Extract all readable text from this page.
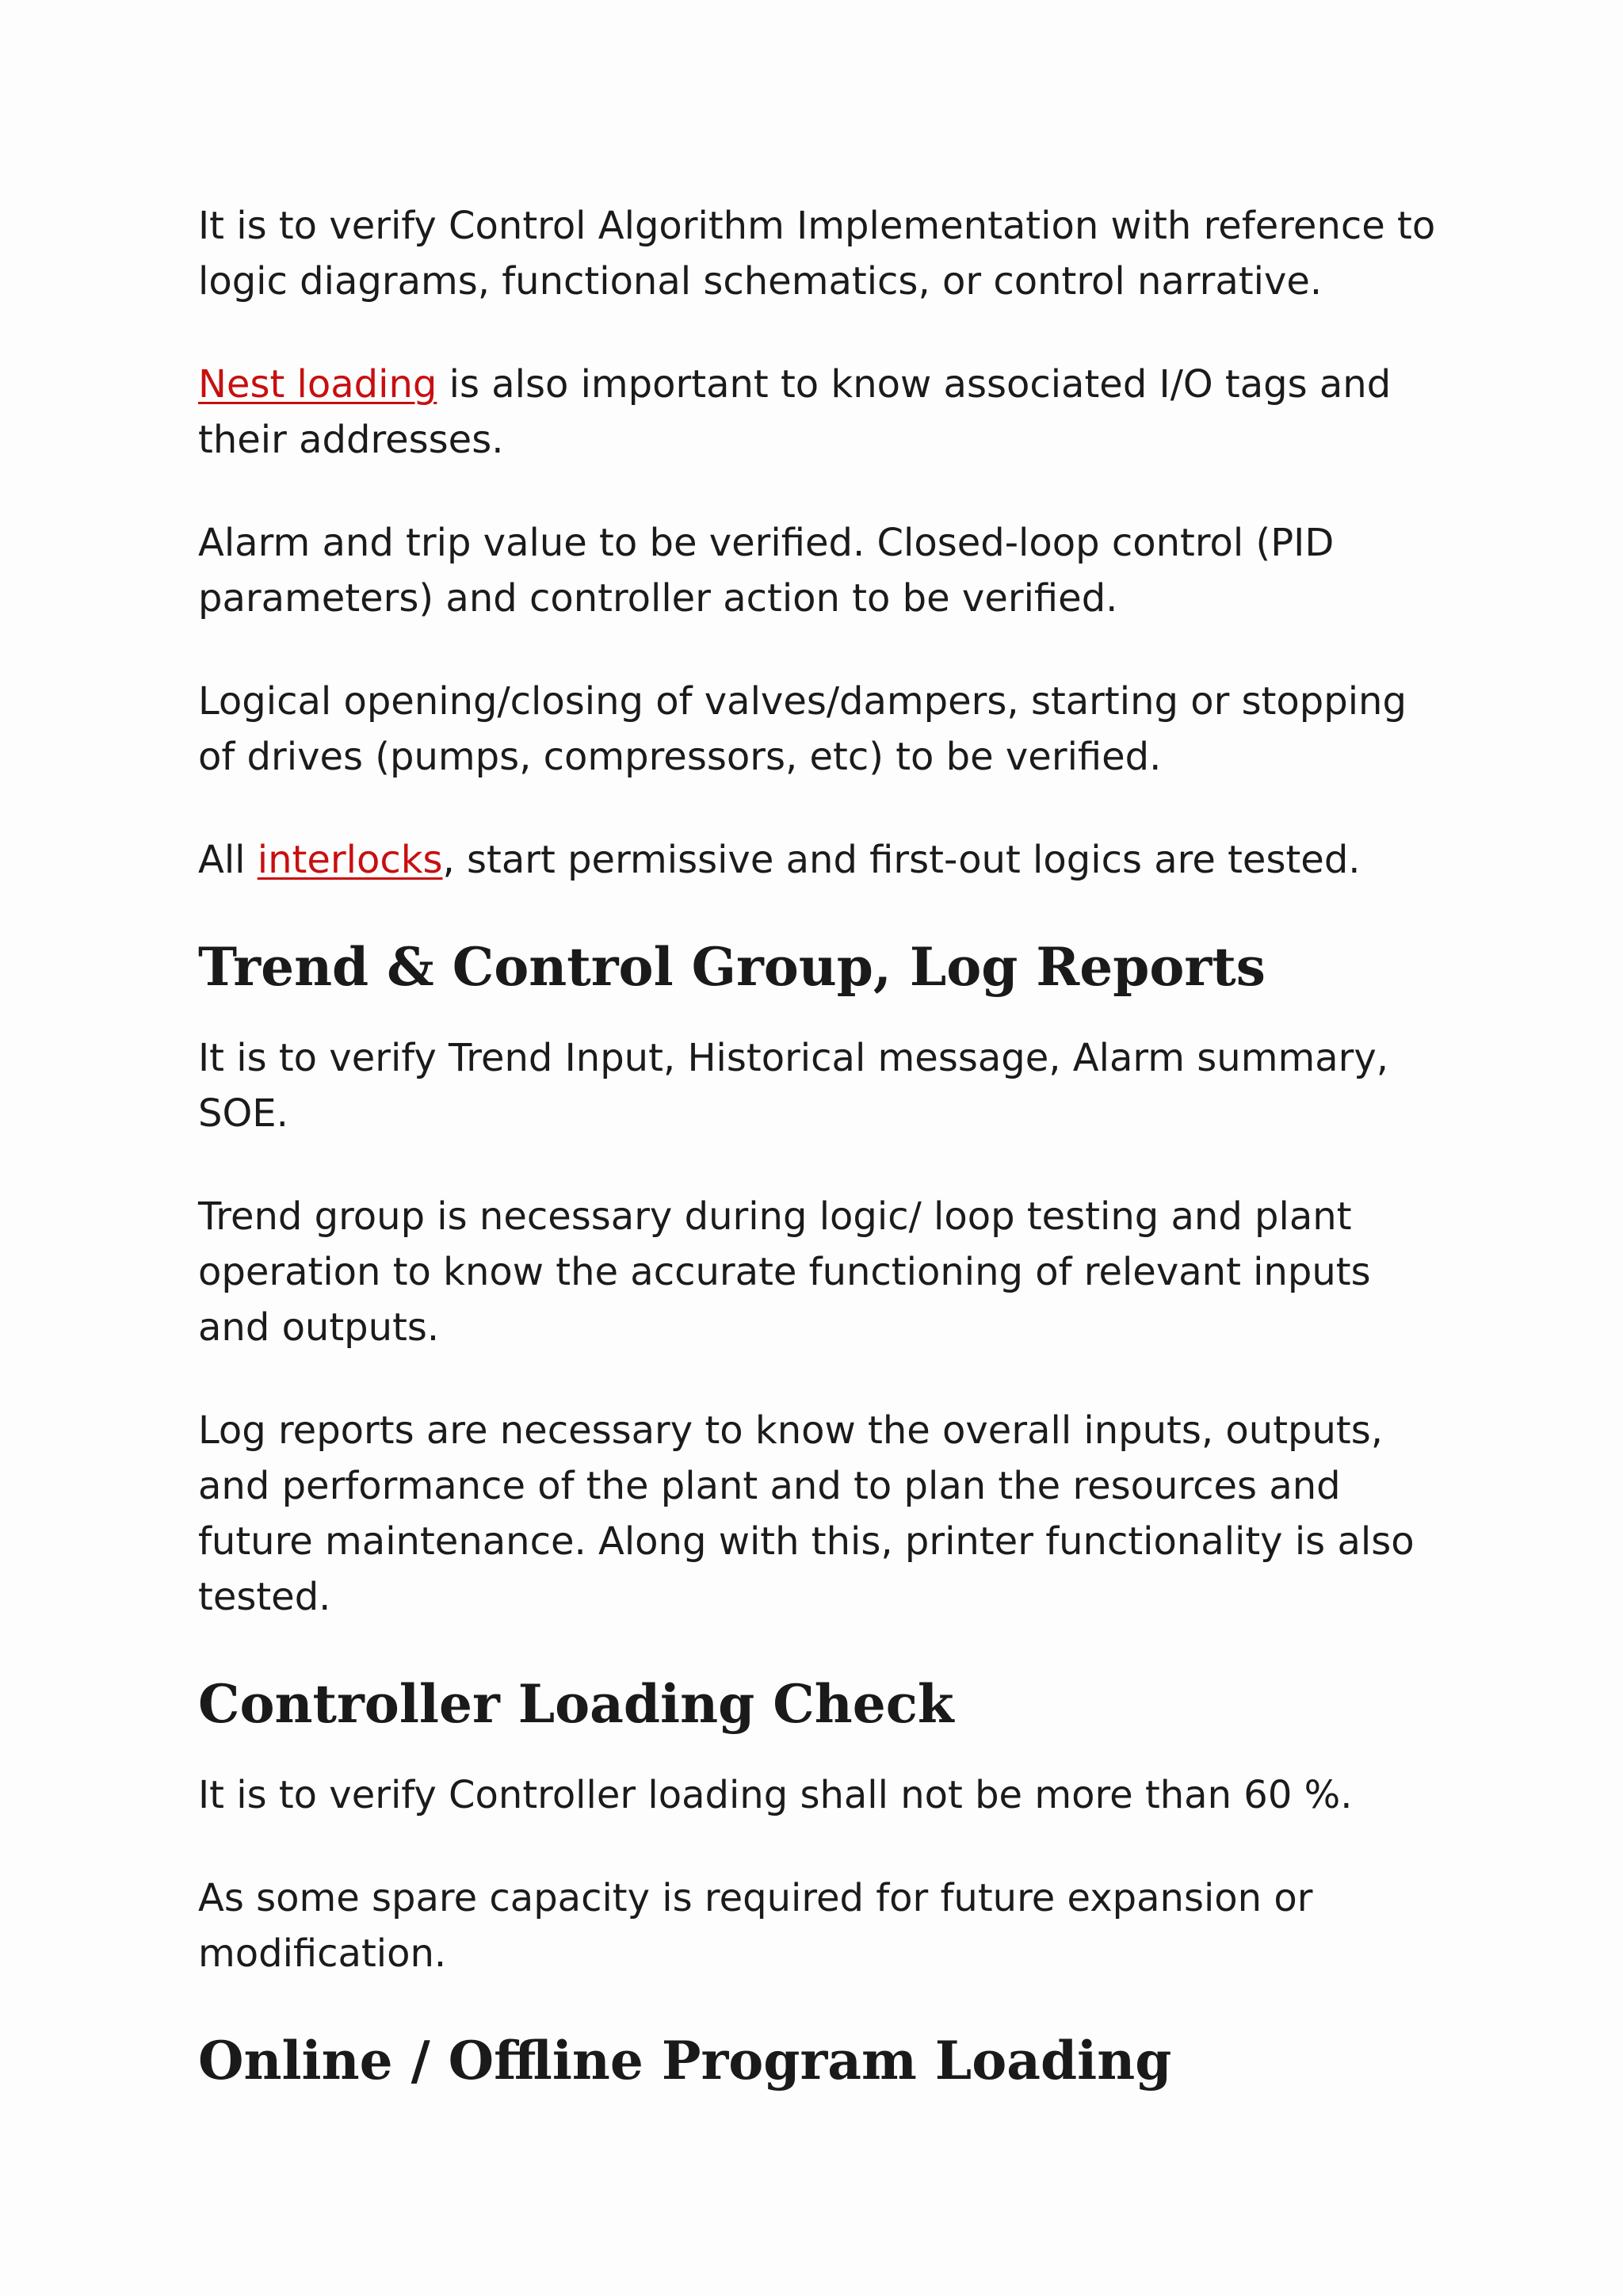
It is to verify Control Algorithm Implementation with reference to logic diagrams, functional schematics, or control narrative.

Nest loading is also important to know associated I/O tags and their addresses.

Alarm and trip value to be verified. Closed-loop control (PID parameters) and controller action to be verified.

Logical opening/closing of valves/dampers, starting or stopping of drives (pumps, compressors, etc) to be verified.

All interlocks, start permissive and first-out logics are tested.

Trend & Control Group, Log Reports

It is to verify Trend Input, Historical message, Alarm summary, SOE.

Trend group is necessary during logic/ loop testing and plant operation to know the accurate functioning of relevant inputs and outputs.

Log reports are necessary to know the overall inputs, outputs, and performance of the plant and to plan the resources and future maintenance. Along with this, printer functionality is also tested.

Controller Loading Check

It is to verify Controller loading shall not be more than 60 %.

As some spare capacity is required for future expansion or modification.

Online / Offline Program Loading
